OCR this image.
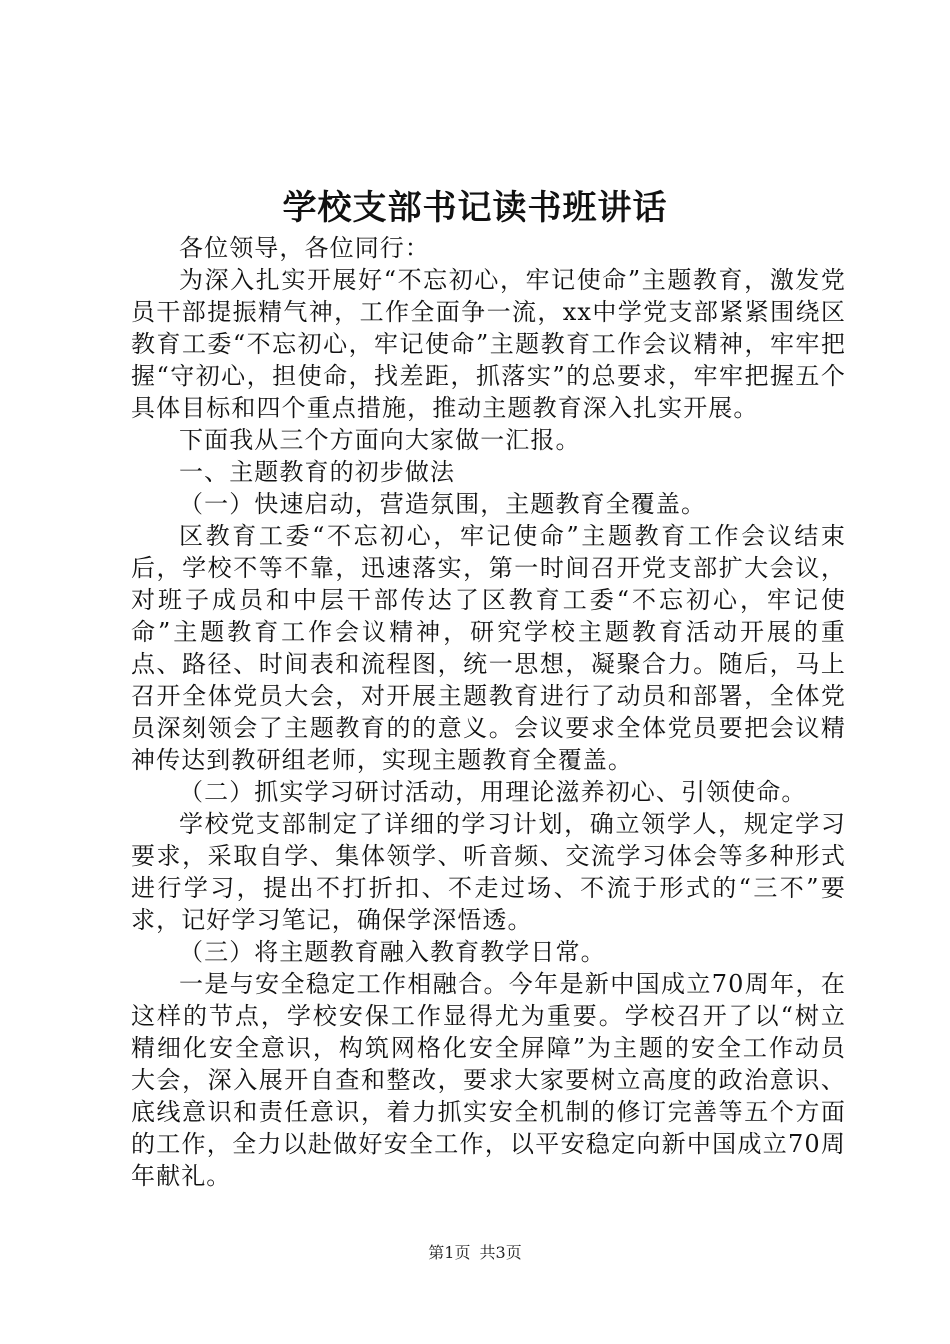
学校支部书记读书班讲话

各位领导，各位同行：

为深入扎实开展好“不忘初心，牢记使命”主题教育，激发党员干部提振精气神，工作全面争一流，xx中学党支部紧紧围绕区教育工委“不忘初心，牢记使命”主题教育工作会议精神，牢牢把握“守初心，担使命，找差距，抓落实”的总要求，牢牢把握五个具体目标和四个重点措施，推动主题教育深入扎实开展。

下面我从三个方面向大家做一汇报。

一、主题教育的初步做法

（一）快速启动，营造氛围，主题教育全覆盖。

区教育工委“不忘初心，牢记使命”主题教育工作会议结束后，学校不等不靠，迅速落实，第一时间召开党支部扩大会议，对班子成员和中层干部传达了区教育工委“不忘初心，牢记使命”主题教育工作会议精神，研究学校主题教育活动开展的重点、路径、时间表和流程图，统一思想，凝聚合力。随后，马上召开全体党员大会，对开展主题教育进行了动员和部署，全体党员深刻领会了主题教育的的意义。会议要求全体党员要把会议精神传达到教研组老师，实现主题教育全覆盖。

（二）抓实学习研讨活动，用理论滋养初心、引领使命。

学校党支部制定了详细的学习计划，确立领学人，规定学习要求，采取自学、集体领学、听音频、交流学习体会等多种形式进行学习，提出不打折扣、不走过场、不流于形式的“三不”要求，记好学习笔记，确保学深悟透。

（三）将主题教育融入教育教学日常。

一是与安全稳定工作相融合。今年是新中国成立70周年，在这样的节点，学校安保工作显得尤为重要。学校召开了以“树立精细化安全意识，构筑网格化安全屏障”为主题的安全工作动员大会，深入展开自查和整改，要求大家要树立高度的政治意识、底线意识和责任意识，着力抓实安全机制的修订完善等五个方面的工作，全力以赴做好安全工作，以平安稳定向新中国成立70周年献礼。

第1页 共3页
